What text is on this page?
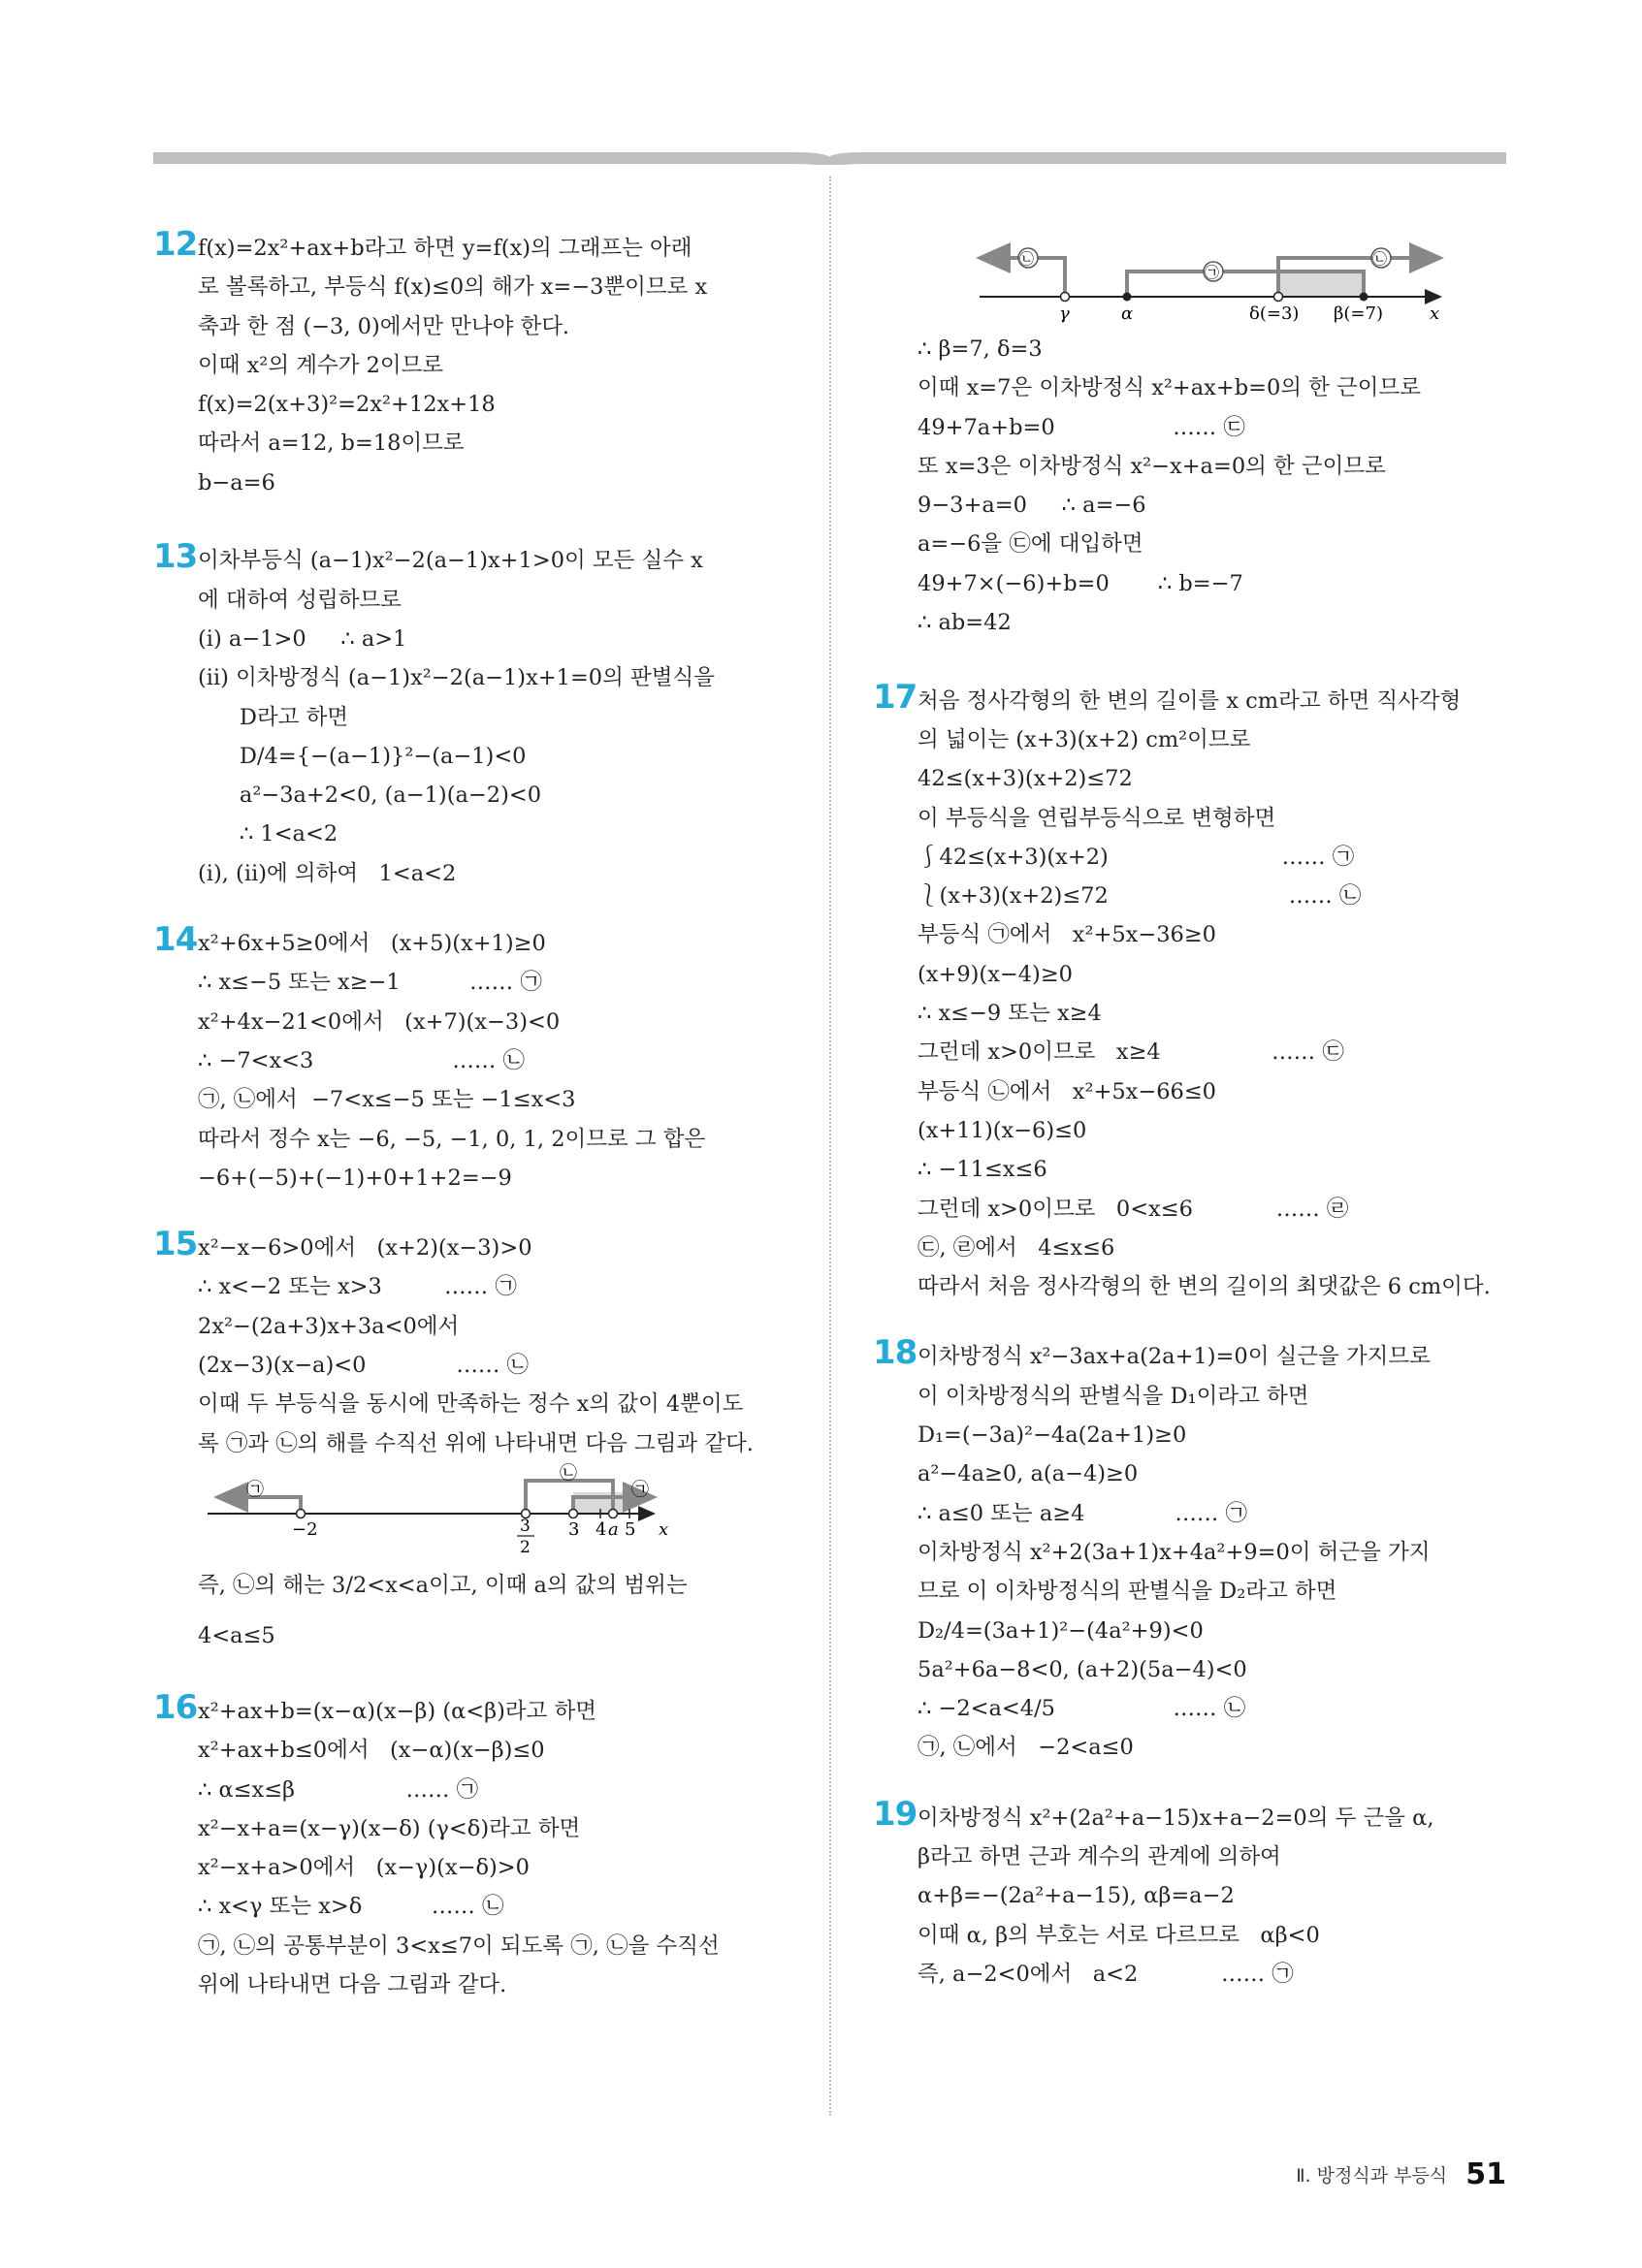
12 f(x)=2x²+ax+b라고 하면 y=f(x)의 그래프는 아래
로 볼록하고, 부등식 f(x)≤0의 해가 x=−3뿐이므로 x
축과 한 점 (−3, 0)에서만 만나야 한다.
이때 x²의 계수가 2이므로
f(x)=2(x+3)²=2x²+12x+18
따라서 a=12, b=18이므로
b−a=6
13 이차부등식 (a−1)x²−2(a−1)x+1>0이 모든 실수 x
에 대하여 성립하므로
(ⅰ) a−1>0     ∴ a>1
(ⅱ) 이차방정식 (a−1)x²−2(a−1)x+1=0의 판별식을
D라고 하면
D/4={−(a−1)}²−(a−1)<0
a²−3a+2<0, (a−1)(a−2)<0
∴ 1<a<2
(ⅰ), (ⅱ)에 의하여   1<a<2
14 x²+6x+5≥0에서   (x+5)(x+1)≥0
∴ x≤−5 또는 x≥−1          …… ㉠
x²+4x−21<0에서   (x+7)(x−3)<0
∴ −7<x<3                    …… ㉡
㉠, ㉡에서  −7<x≤−5 또는 −1≤x<3
따라서 정수 x는 −6, −5, −1, 0, 1, 2이므로 그 합은
−6+(−5)+(−1)+0+1+2=−9
15 x²−x−6>0에서   (x+2)(x−3)>0
∴ x<−2 또는 x>3         …… ㉠
2x²−(2a+3)x+3a<0에서
(2x−3)(x−a)<0             …… ㉡
이때 두 부등식을 동시에 만족하는 정수 x의 값이 4뿐이도
록 ㉠과 ㉡의 해를 수직선 위에 나타내면 다음 그림과 같다.
㉠	㉠
㉡
−2	3
2
3 4 a 5 x
즉, ㉡의 해는 3/2<x<a이고, 이때 a의 값의 범위는
4<a≤5
16 x²+ax+b=(x−α)(x−β) (α<β)라고 하면
x²+ax+b≤0에서   (x−α)(x−β)≤0
∴ α≤x≤β                …… ㉠
x²−x+a=(x−γ)(x−δ) (γ<δ)라고 하면
x²−x+a>0에서   (x−γ)(x−δ)>0
∴ x<γ 또는 x>δ          …… ㉡
㉠, ㉡의 공통부분이 3<x≤7이 되도록 ㉠, ㉡을 수직선
위에 나타내면 다음 그림과 같다.
㉡
㉠
㉡
γ	α	δ(=3) β(=7)	x
∴ β=7, δ=3
이때 x=7은 이차방정식 x²+ax+b=0의 한 근이므로
49+7a+b=0                 …… ㉢
또 x=3은 이차방정식 x²−x+a=0의 한 근이므로
9−3+a=0     ∴ a=−6
a=−6을 ㉢에 대입하면
49+7×(−6)+b=0       ∴ b=−7
∴ ab=42
17 처음 정사각형의 한 변의 길이를 x cm라고 하면 직사각형
의 넓이는 (x+3)(x+2) cm²이므로
42≤(x+3)(x+2)≤72
이 부등식을 연립부등식으로 변형하면
⎰42≤(x+3)(x+2)                         …… ㉠
⎱(x+3)(x+2)≤72                          …… ㉡
부등식 ㉠에서   x²+5x−36≥0
(x+9)(x−4)≥0
∴ x≤−9 또는 x≥4
그런데 x>0이므로   x≥4                …… ㉢
부등식 ㉡에서   x²+5x−66≤0
(x+11)(x−6)≤0
∴ −11≤x≤6
그런데 x>0이므로   0<x≤6            …… ㉣
㉢, ㉣에서   4≤x≤6
따라서 처음 정사각형의 한 변의 길이의 최댓값은 6 cm이다.
18 이차방정식 x²−3ax+a(2a+1)=0이 실근을 가지므로
이 이차방정식의 판별식을 D₁이라고 하면
D₁=(−3a)²−4a(2a+1)≥0
a²−4a≥0, a(a−4)≥0
∴ a≤0 또는 a≥4             …… ㉠
이차방정식 x²+2(3a+1)x+4a²+9=0이 허근을 가지
므로 이 이차방정식의 판별식을 D₂라고 하면
D₂/4=(3a+1)²−(4a²+9)<0
5a²+6a−8<0, (a+2)(5a−4)<0
∴ −2<a<4/5                 …… ㉡
㉠, ㉡에서   −2<a≤0
19 이차방정식 x²+(2a²+a−15)x+a−2=0의 두 근을 α,
β라고 하면 근과 계수의 관계에 의하여
α+β=−(2a²+a−15), αβ=a−2
이때 α, β의 부호는 서로 다르므로   αβ<0
즉, a−2<0에서   a<2            …… ㉠
Ⅱ. 방정식과 부등식 51
